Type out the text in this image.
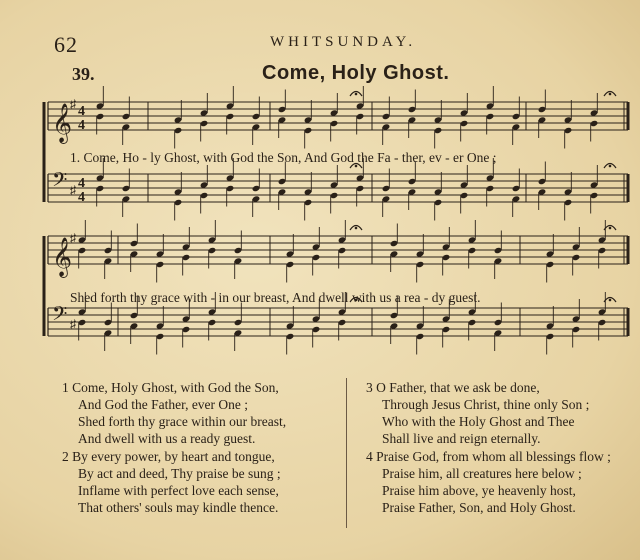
62	WHITSUNDAY.
39.	Come, Holy Ghost.
𝄞
♯ 4
4
𝄢 ♯ 4
4
𝄞
♯
𝄢 ♯
1. Come, Ho - ly Ghost, with God the Son, And God the Fa - ther, ev - er One ;
Shed forth thy grace with - in our breast, And dwell with us a rea - dy guest.
1 Come, Holy Ghost, with God the Son,
And God the Father, ever One ;
Shed forth thy grace within our breast,
And dwell with us a ready guest.
2 By every power, by heart and tongue,
By act and deed, Thy praise be sung ;
Inflame with perfect love each sense,
That others' souls may kindle thence.
3 O Father, that we ask be done,
Through Jesus Christ, thine only Son ;
Who with the Holy Ghost and Thee
Shall live and reign eternally.
4 Praise God, from whom all blessings flow ;
Praise him, all creatures here below ;
Praise him above, ye heavenly host,
Praise Father, Son, and Holy Ghost.
